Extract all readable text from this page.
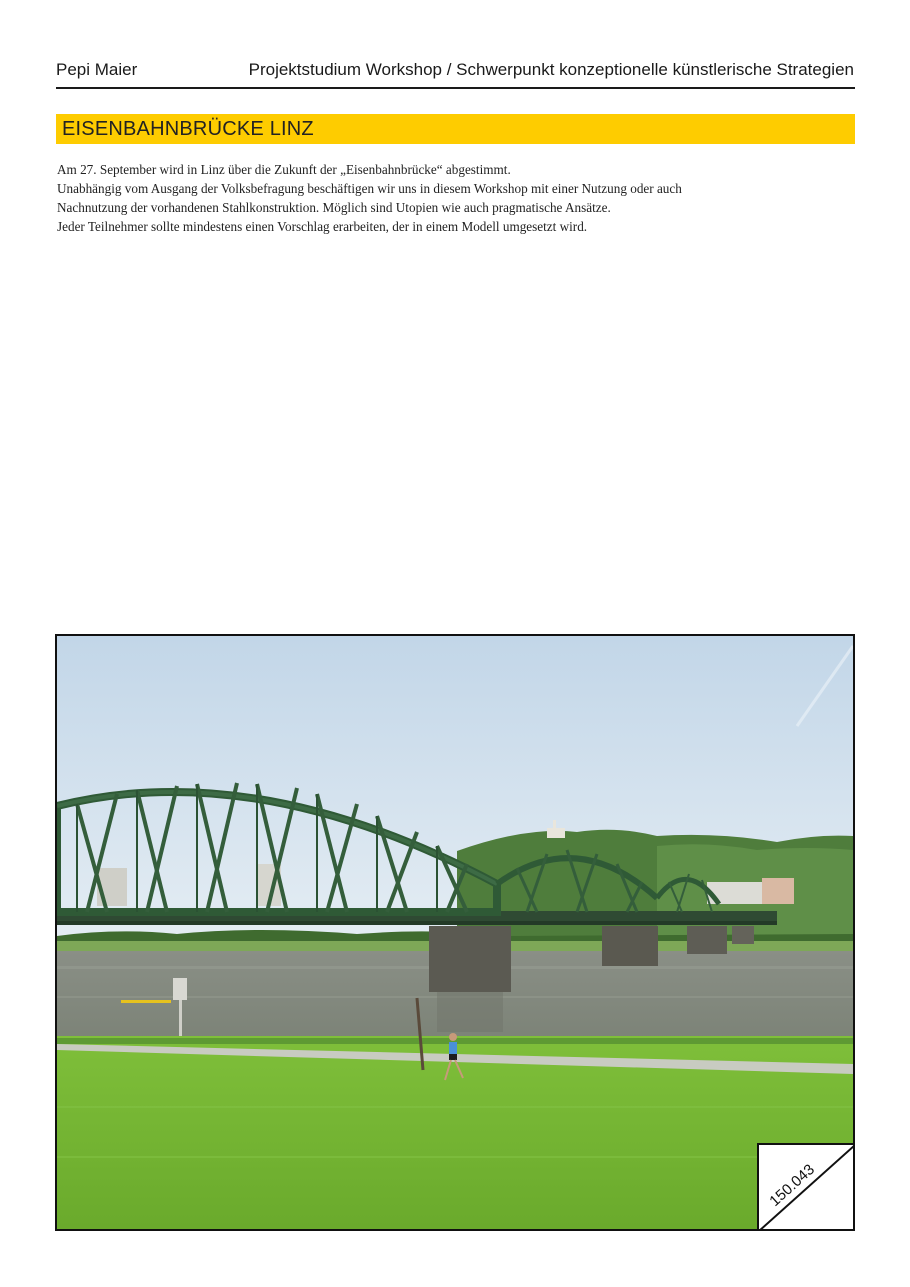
Pepi Maier	Projektstudium Workshop / Schwerpunkt konzeptionelle künstlerische Strategien
EISENBAHNBRÜCKE LINZ

Am 27. September wird in Linz über die Zukunft der „Eisenbahnbrücke“ abgestimmt.

Unabhängig vom Ausgang der Volksbefragung beschäftigen wir uns in diesem Workshop mit einer Nutzung oder auch

Nachnutzung der vorhandenen Stahlkonstruktion. Möglich sind Utopien wie auch pragmatische Ansätze.

Jeder Teilnehmer sollte mindestens einen Vorschlag erarbeiten, der in einem Modell umgesetzt wird.

150.043
